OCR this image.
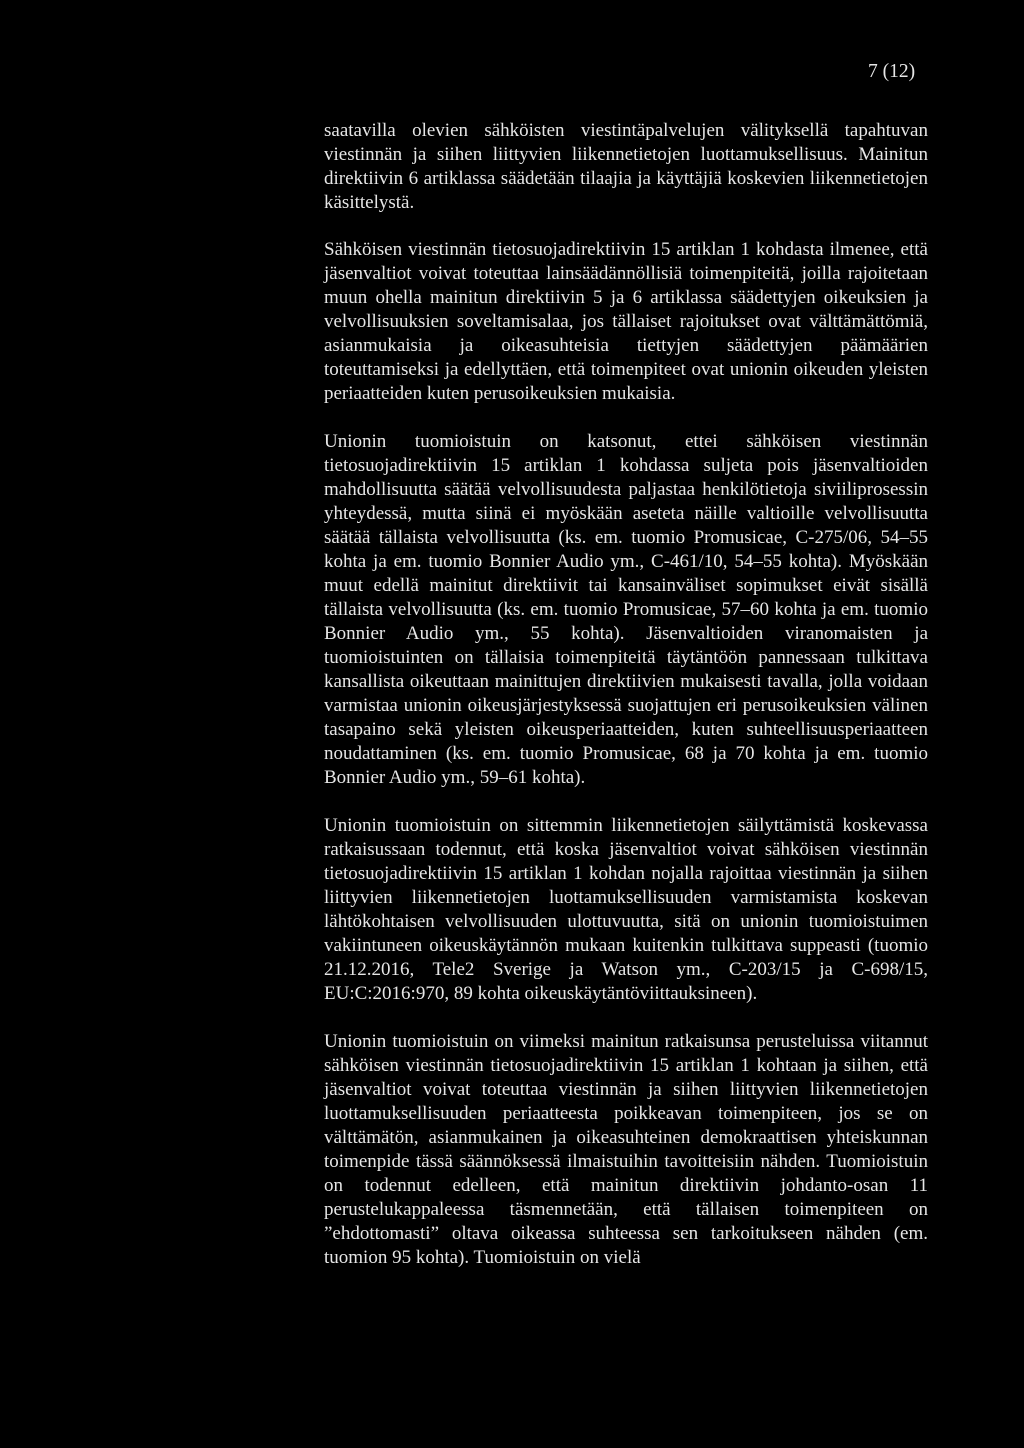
7 (12)

saatavilla olevien sähköisten viestintäpalvelujen välityksellä tapahtuvan viestinnän ja siihen liittyvien liikennetietojen luottamuksellisuus. Mainitun direktiivin 6 artiklassa säädetään tilaajia ja käyttäjiä koskevien liikennetietojen käsittelystä.

Sähköisen viestinnän tietosuojadirektiivin 15 artiklan 1 kohdasta ilmenee, että jäsenvaltiot voivat toteuttaa lainsäädännöllisiä toimenpiteitä, joilla rajoitetaan muun ohella mainitun direktiivin 5 ja 6 artiklassa säädettyjen oikeuksien ja velvollisuuksien soveltamisalaa, jos tällaiset rajoitukset ovat välttämättömiä, asianmukaisia ja oikeasuhteisia tiettyjen säädettyjen päämäärien toteuttamiseksi ja edellyttäen, että toimenpiteet ovat unionin oikeuden yleisten periaatteiden kuten perusoikeuksien mukaisia.

Unionin tuomioistuin on katsonut, ettei sähköisen viestinnän tietosuojadirektiivin 15 artiklan 1 kohdassa suljeta pois jäsenvaltioiden mahdollisuutta säätää velvollisuudesta paljastaa henkilötietoja siviiliprosessin yhteydessä, mutta siinä ei myöskään aseteta näille valtioille velvollisuutta säätää tällaista velvollisuutta (ks. em. tuomio Promusicae, C-275/06, 54–55 kohta ja em. tuomio Bonnier Audio ym., C-461/10, 54–55 kohta). Myöskään muut edellä mainitut direktiivit tai kansainväliset sopimukset eivät sisällä tällaista velvollisuutta (ks. em. tuomio Promusicae, 57–60 kohta ja em. tuomio Bonnier Audio ym., 55 kohta). Jäsenvaltioiden viranomaisten ja tuomioistuinten on tällaisia toimenpiteitä täytäntöön pannessaan tulkittava kansallista oikeuttaan mainittujen direktiivien mukaisesti tavalla, jolla voidaan varmistaa unionin oikeusjärjestyksessä suojattujen eri perusoikeuksien välinen tasapaino sekä yleisten oikeusperiaatteiden, kuten suhteellisuusperiaatteen noudattaminen (ks. em. tuomio Promusicae, 68 ja 70 kohta ja em. tuomio Bonnier Audio ym., 59–61 kohta).

Unionin tuomioistuin on sittemmin liikennetietojen säilyttämistä koskevassa ratkaisussaan todennut, että koska jäsenvaltiot voivat sähköisen viestinnän tietosuojadirektiivin 15 artiklan 1 kohdan nojalla rajoittaa viestinnän ja siihen liittyvien liikennetietojen luottamuksellisuuden varmistamista koskevan lähtökohtaisen velvollisuuden ulottuvuutta, sitä on unionin tuomioistuimen vakiintuneen oikeuskäytännön mukaan kuitenkin tulkittava suppeasti (tuomio 21.12.2016, Tele2 Sverige ja Watson ym., C-203/15 ja C-698/15, EU:C:2016:970, 89 kohta oikeuskäytäntöviittauksineen).

Unionin tuomioistuin on viimeksi mainitun ratkaisunsa perusteluissa viitannut sähköisen viestinnän tietosuojadirektiivin 15 artiklan 1 kohtaan ja siihen, että jäsenvaltiot voivat toteuttaa viestinnän ja siihen liittyvien liikennetietojen luottamuksellisuuden periaatteesta poikkeavan toimenpiteen, jos se on välttämätön, asianmukainen ja oikeasuhteinen demokraattisen yhteiskunnan toimenpide tässä säännöksessä ilmaistuihin tavoitteisiin nähden. Tuomioistuin on todennut edelleen, että mainitun direktiivin johdanto-osan 11 perustelukappaleessa täsmennetään, että tällaisen toimenpiteen on ”ehdottomasti” oltava oikeassa suhteessa sen tarkoitukseen nähden (em. tuomion 95 kohta). Tuomioistuin on vielä
